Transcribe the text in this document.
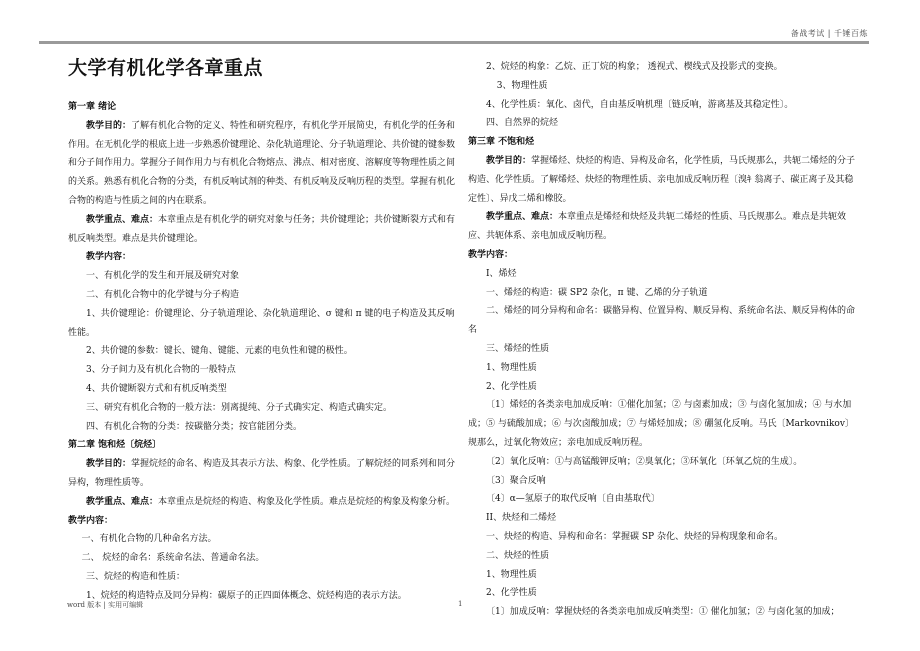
备战考试 | 千锤百炼
大学有机化学各章重点

第一章 绪论

教学目的：了解有机化合物的定义、特性和研究程序，有机化学开展简史，有机化学的任务和作用。在无机化学的根底上进一步熟悉价键理论、杂化轨道理论、分子轨道理论、共价键的键参数和分子间作用力。掌握分子间作用力与有机化合物熔点、沸点、相对密度、溶解度等物理性质之间的关系。熟悉有机化合物的分类，有机反响试剂的种类、有机反响及反响历程的类型。掌握有机化合物的构造与性质之间的内在联系。

教学重点、难点：本章重点是有机化学的研究对象与任务；共价键理论；共价键断裂方式和有机反响类型。难点是共价键理论。

教学内容：

一、有机化学的发生和开展及研究对象

二、有机化合物中的化学键与分子构造

1、共价键理论：价键理论、分子轨道理论、杂化轨道理论、σ 键和 π 键的电子构造及其反响性能。

2、共价键的参数：键长、键角、键能、元素的电负性和键的极性。

3、分子间力及有机化合物的一般特点

4、共价键断裂方式和有机反响类型

三、研究有机化合物的一般方法：别离提纯、分子式确实定、构造式确实定。

四、有机化合物的分类：按碳骼分类；按官能团分类。

第二章 饱和烃〔烷烃〕

教学目的：掌握烷烃的命名、构造及其表示方法、构象、化学性质。了解烷烃的同系列和同分异构，物理性质等。

教学重点、难点：本章重点是烷烃的构造、构象及化学性质。难点是烷烃的构象及构象分析。

教学内容：

一、有机化合物的几种命名方法。

二、 烷烃的命名：系统命名法、普通命名法。

三、烷烃的构造和性质：

1、烷烃的构造特点及同分异构：碳原子的正四面体概念、烷烃构造的表示方法。

2、烷烃的构象：乙烷、正丁烷的构象； 透视式、楔线式及投影式的变换。

3、物理性质

4、化学性质：氧化、卤代，自由基反响机理〔链反响，游离基及其稳定性〕。

四、自然界的烷烃

第三章 不饱和烃

教学目的：掌握烯烃、炔烃的构造、异构及命名，化学性质，马氏规那么，共轭二烯烃的分子构造、化学性质。了解烯烃、炔烃的物理性质、亲电加成反响历程〔溴ｷ 翁离子、碳正离子及其稳定性〕、异戊二烯和橡胶。

教学重点、难点：本章重点是烯烃和炔烃及共轭二烯烃的性质、马氏规那么。难点是共轭效应、共轭体系、亲电加成反响历程。

教学内容：

I、烯烃

一、烯烃的构造：碳 SP2 杂化，π 键、乙烯的分子轨道

二、烯烃的同分异构和命名：碳骼异构、位置异构、顺反异构、系统命名法、顺反异构体的命名

三、烯烃的性质

1、物理性质

2、化学性质

〔1〕烯烃的各类亲电加成反响：①催化加氢；② 与卤素加成；③ 与卤化氢加成；④ 与水加成；⑤ 与硫酸加成；⑥ 与次卤酸加成；⑦ 与烯烃加成；⑧ 硼氢化反响。马氏〔Markovnikov〕规那么，过氧化物效应；亲电加成反响历程。

〔2〕氧化反响：①与高锰酸钾反响；②臭氧化；③环氧化〔环氧乙烷的生成〕。

〔3〕聚合反响

〔4〕α—氢原子的取代反响〔自由基取代〕

II、炔烃和二烯烃

一、炔烃的构造、异构和命名：掌握碳 SP 杂化、炔烃的异构现象和命名。

二、炔烃的性质

1、物理性质

2、化学性质

〔1〕加成反响：掌握炔烃的各类亲电加成反响类型：① 催化加氢；② 与卤化氢的加成；

word 版本 | 实用可编辑	1
